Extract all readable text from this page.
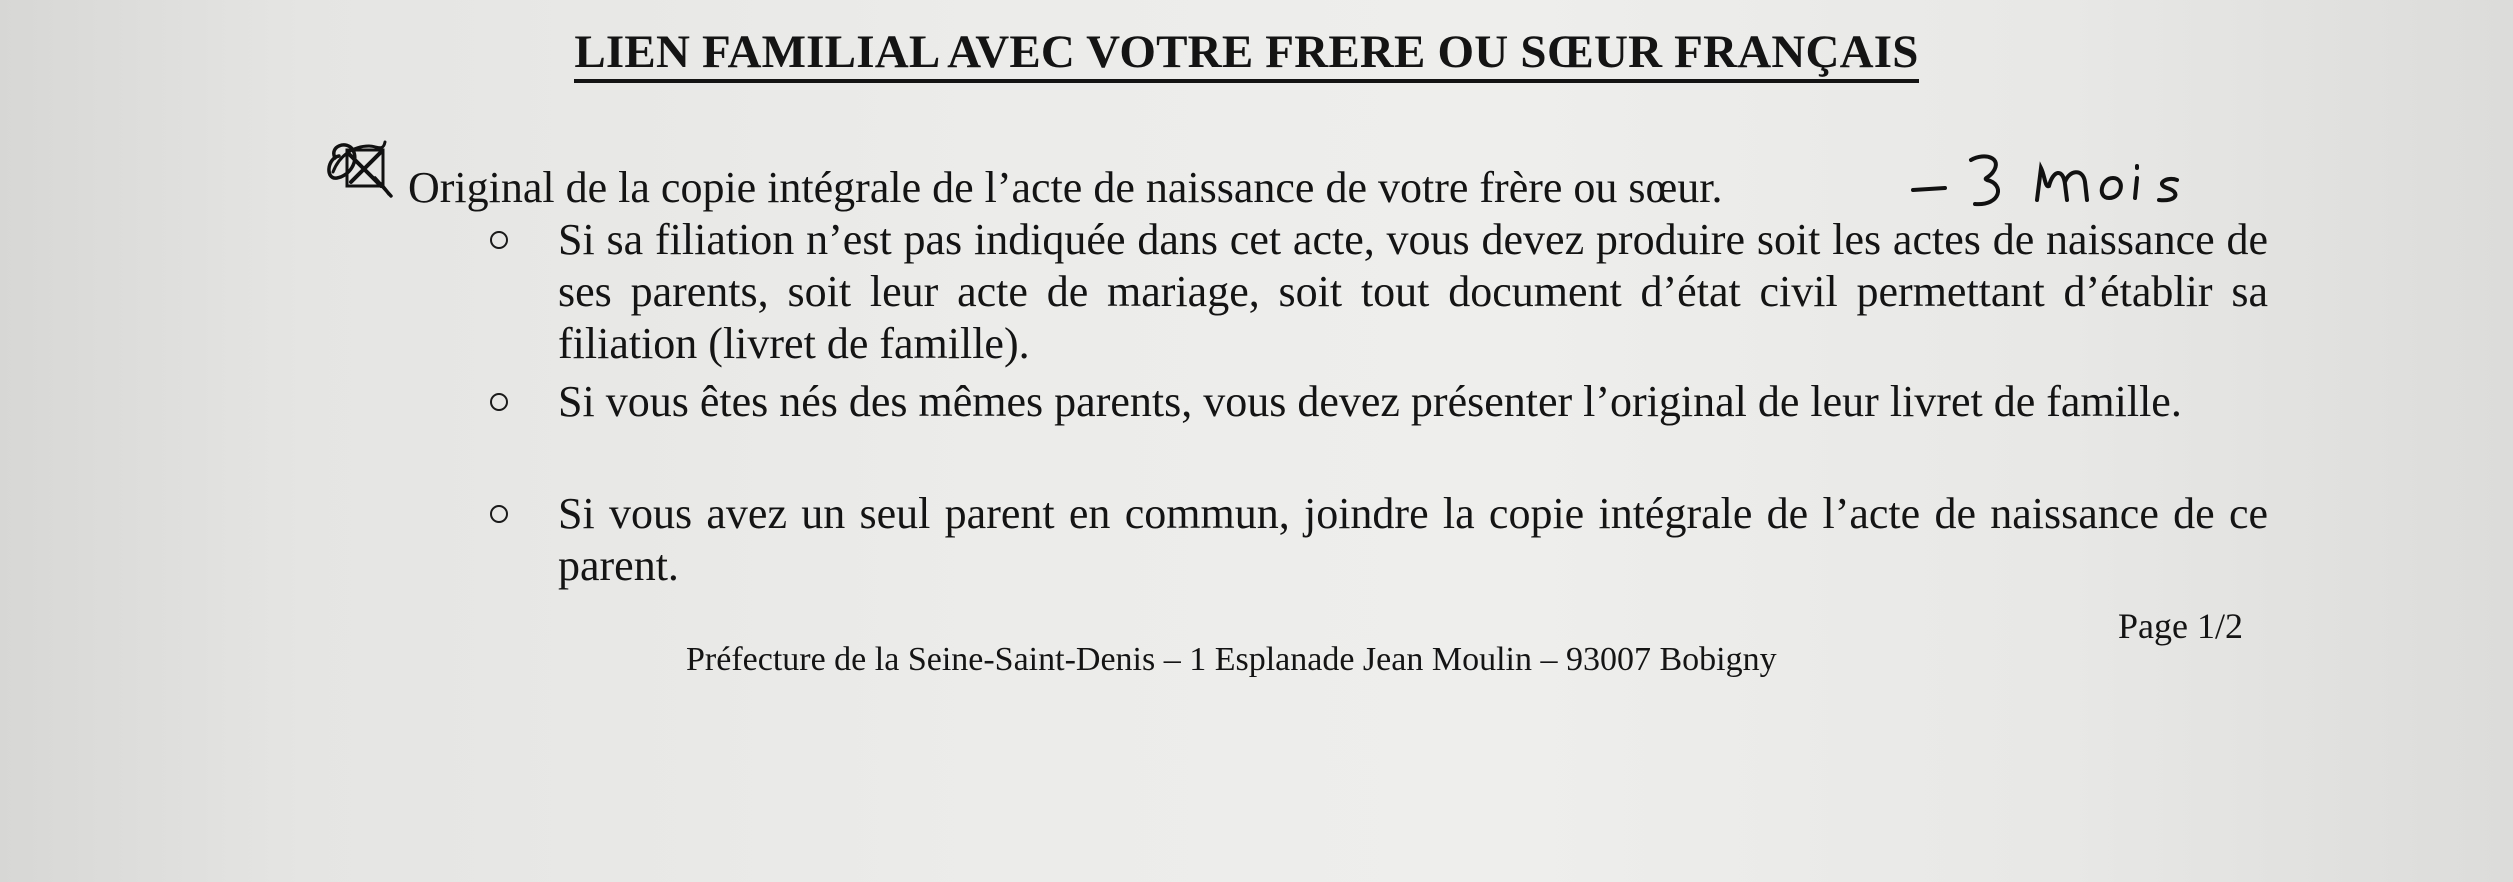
LIEN FAMILIAL AVEC VOTRE FRERE OU SŒUR FRANÇAIS
Original de la copie intégrale de l’acte de naissance de votre frère ou sœur.
Si sa filiation n’est pas indiquée dans cet acte, vous devez produire soit les actes de naissance de ses parents, soit leur acte de mariage, soit tout document d’état civil permettant d’établir sa filiation (livret de famille).
Si vous êtes nés des mêmes parents, vous devez présenter l’original de leur livret de famille.
Si vous avez un seul parent en commun, joindre la copie intégrale de l’acte de naissance de ce parent.
Page 1/2
Préfecture de la Seine-Saint-Denis – 1 Esplanade Jean Moulin – 93007 Bobigny
